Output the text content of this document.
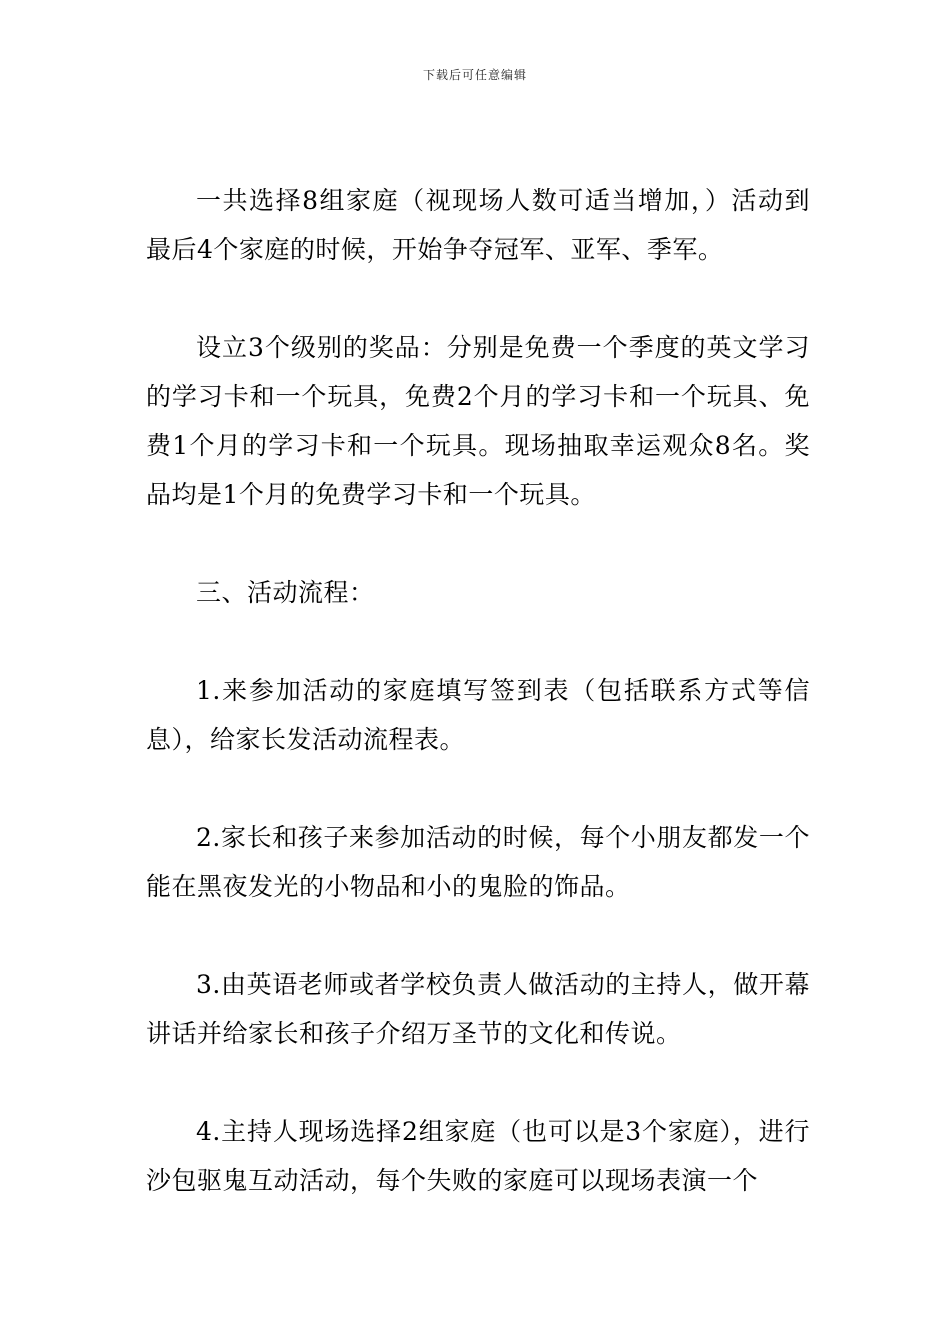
下载后可任意编辑

一共选择8组家庭（视现场人数可适当增加，）活动到最后4个家庭的时候，开始争夺冠军、亚军、季军。

设立3个级别的奖品：分别是免费一个季度的英文学习的学习卡和一个玩具，免费2个月的学习卡和一个玩具、免费1个月的学习卡和一个玩具。现场抽取幸运观众8名。奖品均是1个月的免费学习卡和一个玩具。

三、活动流程：

1.来参加活动的家庭填写签到表（包括联系方式等信息），给家长发活动流程表。

2.家长和孩子来参加活动的时候，每个小朋友都发一个能在黑夜发光的小物品和小的鬼脸的饰品。

3.由英语老师或者学校负责人做活动的主持人，做开幕讲话并给家长和孩子介绍万圣节的文化和传说。

4.主持人现场选择2组家庭（也可以是3个家庭），进行沙包驱鬼互动活动，每个失败的家庭可以现场表演一个
